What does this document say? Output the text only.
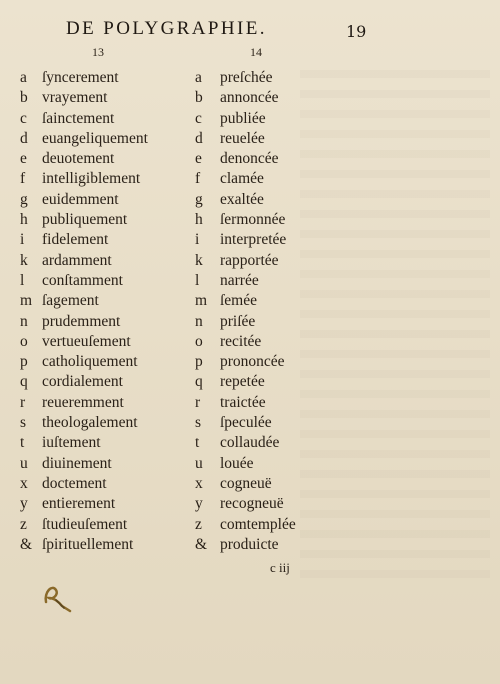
DE POLYGRAPHIE.	19
13	14
a ſyncerement
b vrayement
c ſainctement
d euangeliquement
e deuotement
f intelligiblement
g euidemment
h publiquement
i fidelement
k ardamment
l conſtamment
m ſagement
n prudemment
o vertueuſement
p catholiquement
q cordialement
r reueremment
s theologalement
t iuſtement
u diuinement
x doctement
y entierement
z ſtudieuſement
& ſpirituellement
a preſchée
b annoncée
c publiée
d reuelée
e denoncée
f clamée
g exaltée
h ſermonnée
i interpretée
k rapportée
l narrée
m ſemée
n priſée
o recitée
p prononcée
q repetée
r traictée
s ſpeculée
t collaudée
u louée
x cogneuë
y recogneuë
z comtemplée
& produicte
c iij
